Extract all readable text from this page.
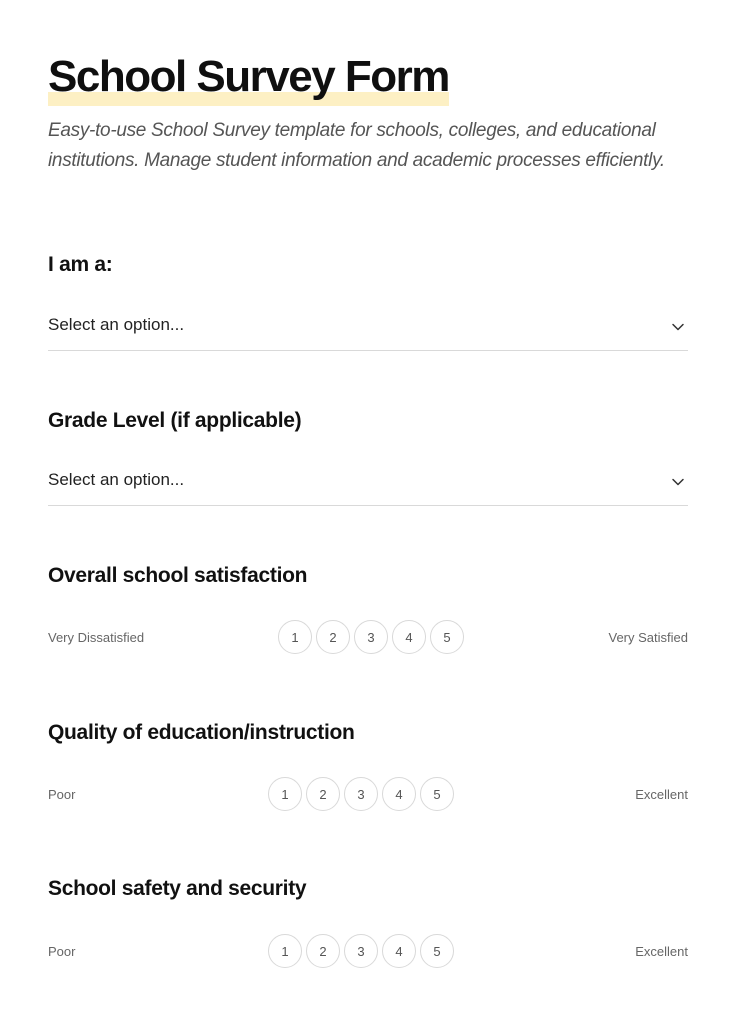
School Survey Form

Easy-to-use School Survey template for schools, colleges, and educational institutions. Manage student information and academic processes efficiently.

I am a:
Select an option...
Grade Level (if applicable)
Select an option...
Overall school satisfaction
Very Dissatisfied	1	2	3	4	5	Very Satisfied
Quality of education/instruction
Poor	1	2	3	4	5	Excellent
School safety and security
Poor	1	2	3	4	5	Excellent
